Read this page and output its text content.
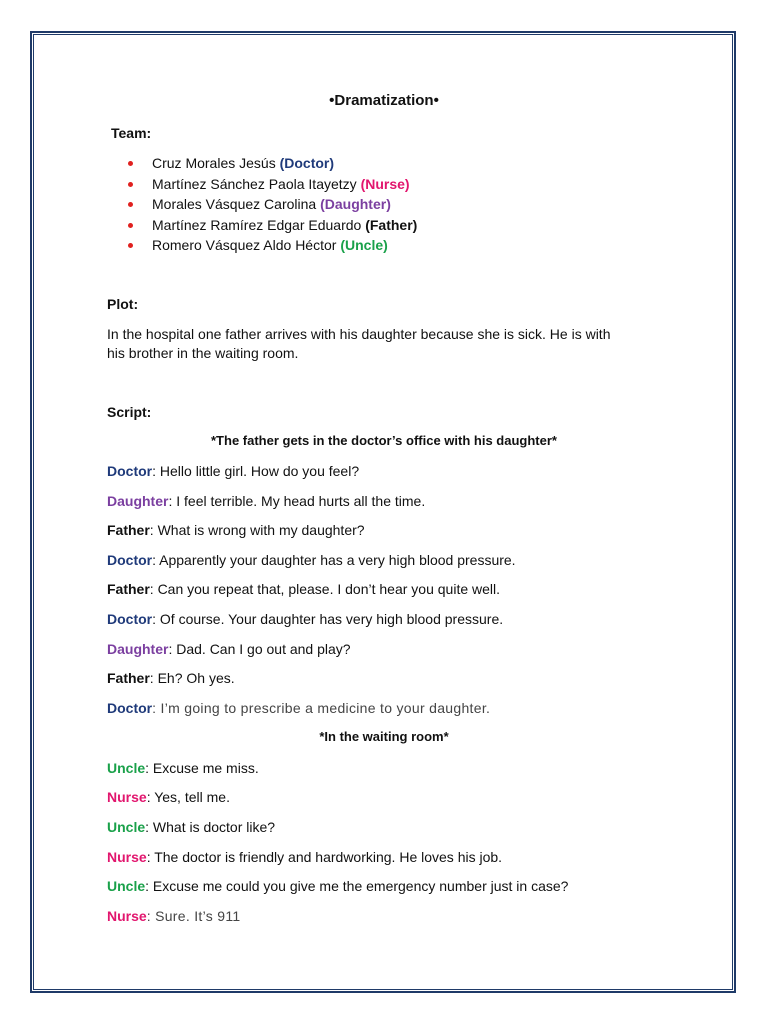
•Dramatization•
Team:
Cruz Morales Jesús (Doctor)
Martínez Sánchez Paola Itayetzy (Nurse)
Morales Vásquez Carolina (Daughter)
Martínez Ramírez Edgar Eduardo (Father)
Romero Vásquez Aldo Héctor (Uncle)
Plot:
In the hospital one father arrives with his daughter because she is sick. He is with
his brother in the waiting room.
Script:
*The father gets in the doctor’s office with his daughter*
Doctor: Hello little girl. How do you feel?
Daughter: I feel terrible. My head hurts all the time.
Father: What is wrong with my daughter?
Doctor: Apparently your daughter has a very high blood pressure.
Father: Can you repeat that, please. I don’t hear you quite well.
Doctor: Of course. Your daughter has very high blood pressure.
Daughter: Dad. Can I go out and play?
Father: Eh? Oh yes.
Doctor: I’m going to prescribe a medicine to your daughter.
*In the waiting room*
Uncle: Excuse me miss.
Nurse: Yes, tell me.
Uncle: What is doctor like?
Nurse: The doctor is friendly and hardworking. He loves his job.
Uncle: Excuse me could you give me the emergency number just in case?
Nurse: Sure. It’s 911
